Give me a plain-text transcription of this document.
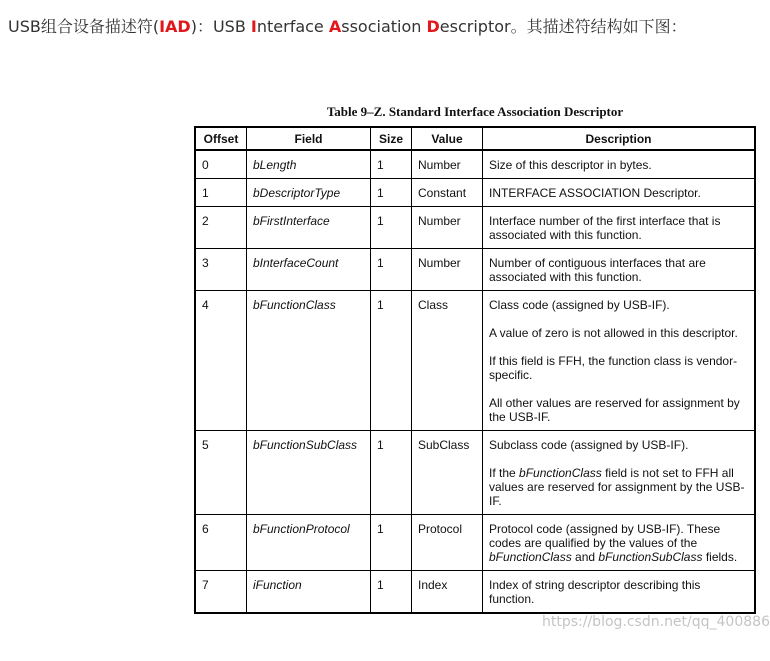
USB组合设备描述符(IAD)：USB Interface Association Descriptor。其描述符结构如下图：
Table 9–Z. Standard Interface Association Descriptor
Offset	Field	Size	Value	Description
0	bLength	1	Number	Size of this descriptor in bytes.

1	bDescriptorType	1	Constant	INTERFACE ASSOCIATION Descriptor.

2	bFirstInterface	1	Number	Interface number of the first interface that is associated with this function.

3	bInterfaceCount	1	Number	Number of contiguous interfaces that are associated with this function.

4	bFunctionClass	1	Class	Class code (assigned by USB-IF).

A value of zero is not allowed in this descriptor.

If this field is FFH, the function class is vendor-specific.

All other values are reserved for assignment by the USB-IF.

5	bFunctionSubClass	1	SubClass	Subclass code (assigned by USB-IF).

If the bFunctionClass field is not set to FFH all values are reserved for assignment by the USB-IF.

6	bFunctionProtocol	1	Protocol	Protocol code (assigned by USB-IF). These codes are qualified by the values of the bFunctionClass and bFunctionSubClass fields.

7	iFunction	1	Index	Index of string descriptor describing this function.

https://blog.csdn.net/qq_400886
